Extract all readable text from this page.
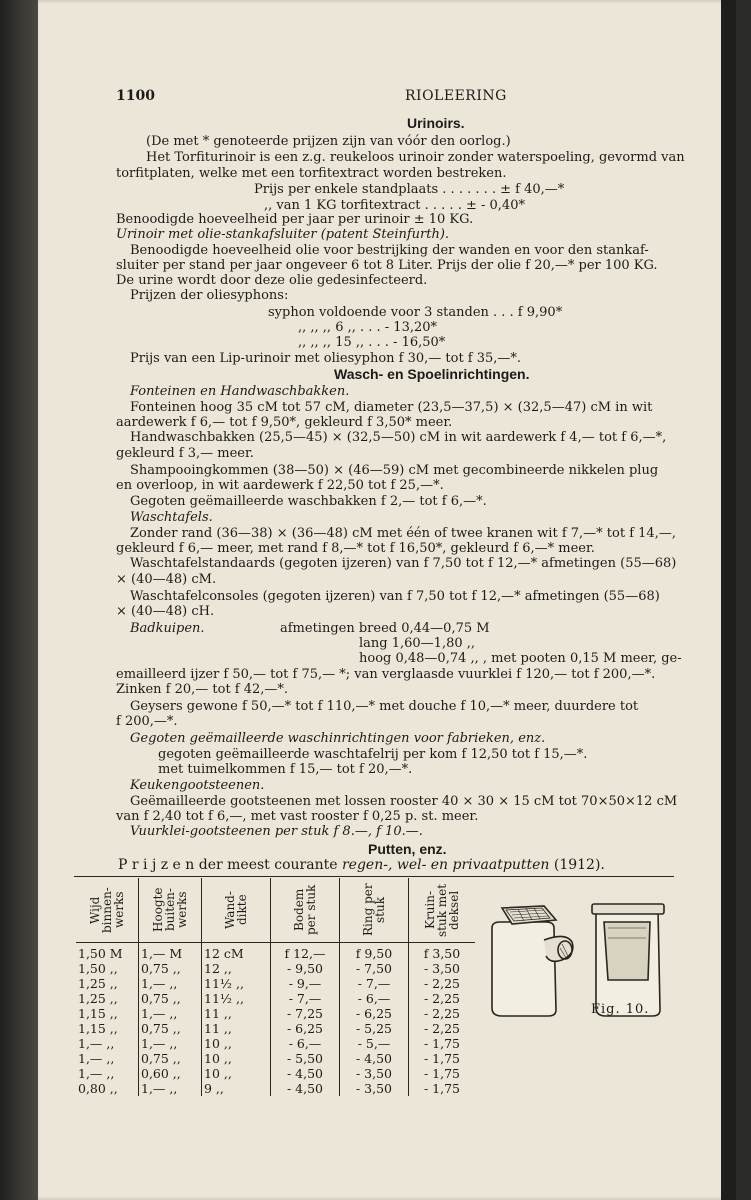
1100	RIOLEERING
Urinoirs.
(De met * genoteerde prijzen zijn van vóór den oorlog.)
Het Torfiturinoir is een z.g. reukeloos urinoir zonder waterspoeling, gevormd van
torfitplaten, welke met een torfitextract worden bestreken.
Prijs per enkele standplaats . . . . . . . ± f 40,—*
,, van 1 KG torfitextract . . . . . ± - 0,40*
Benoodigde hoeveelheid per jaar per urinoir ± 10 KG.
Urinoir met olie-stankafsluiter (patent Steinfurth).
Benoodigde hoeveelheid olie voor bestrijking der wanden en voor den stankaf-
sluiter per stand per jaar ongeveer 6 tot 8 Liter. Prijs der olie f 20,—* per 100 KG.
De urine wordt door deze olie gedesinfecteerd.
Prijzen der oliesyphons:
syphon voldoende voor 3 standen . . . f 9,90*
,, ,, ,, 6 ,, . . . - 13,20*
,, ,, ,, 15 ,, . . . - 16,50*
Prijs van een Lip-urinoir met oliesyphon f 30,— tot f 35,—*.
Wasch- en Spoelinrichtingen.
Fonteinen en Handwaschbakken.
Fonteinen hoog 35 cM tot 57 cM, diameter (23,5—37,5) × (32,5—47) cM in wit
aardewerk f 6,— tot f 9,50*, gekleurd f 3,50* meer.
Handwaschbakken (25,5—45) × (32,5—50) cM in wit aardewerk f 4,— tot f 6,—*,
gekleurd f 3,— meer.
Shampooingkommen (38—50) × (46—59) cM met gecombineerde nikkelen plug
en overloop, in wit aardewerk f 22,50 tot f 25,—*.
Gegoten geëmailleerde waschbakken f 2,— tot f 6,—*.
Waschtafels.
Zonder rand (36—38) × (36—48) cM met één of twee kranen wit f 7,—* tot f 14,—,
gekleurd f 6,— meer, met rand f 8,—* tot f 16,50*, gekleurd f 6,—* meer.
Waschtafelstandaards (gegoten ijzeren) van f 7,50 tot f 12,—* afmetingen (55—68)
× (40—48) cM.
Waschtafelconsoles (gegoten ijzeren) van f 7,50 tot f 12,—* afmetingen (55—68)
× (40—48) cH.
Badkuipen.	afmetingen breed 0,44—0,75 M
lang 1,60—1,80 ,,
hoog 0,48—0,74 ,, , met pooten 0,15 M meer, ge-
emailleerd ijzer f 50,— tot f 75,— *; van verglaasde vuurklei f 120,— tot f 200,—*.
Zinken f 20,— tot f 42,—*.
Geysers gewone f 50,—* tot f 110,—* met douche f 10,—* meer, duurdere tot
f 200,—*.
Gegoten geëmailleerde waschinrichtingen voor fabrieken, enz.
gegoten geëmailleerde waschtafelrij per kom f 12,50 tot f 15,—*.
met tuimelkommen f 15,— tot f 20,—*.
Keukengootsteenen.
Geëmailleerde gootsteenen met lossen rooster 40 × 30 × 15 cM tot 70×50×12 cM
van f 2,40 tot f 6,—, met vast rooster f 0,25 p. st. meer.
Vuurklei-gootsteenen per stuk f 8.—, f 10.—.
Putten, enz.
P r i j z e n der meest courante regen-, wel- en privaatputten (1912).
Wijd binnen- werks	Hoogte buiten- werks	Wand- dikte	Bodem per stuk	Ring per stuk	Kruin- stuk met deksel

1,50 M	1,— M	12 cM	f 12,—	f 9,50	f 3,50
1,50 ,,	0,75 ,,	12 ,,	- 9,50	- 7,50	- 3,50
1,25 ,,	1,— ,,	11½ ,,	- 9,—	- 7,—	- 2,25
1,25 ,,	0,75 ,,	11½ ,,	- 7,—	- 6,—	- 2,25
1,15 ,,	1,— ,,	11 ,,	- 7,25	- 6,25	- 2,25
1,15 ,,	0,75 ,,	11 ,,	- 6,25	- 5,25	- 2,25
1,— ,,	1,— ,,	10 ,,	- 6,—	- 5,—	- 1,75
1,— ,,	0,75 ,,	10 ,,	- 5,50	- 4,50	- 1,75
1,— ,,	0,60 ,,	10 ,,	- 4,50	- 3,50	- 1,75
0,80 ,,	1,— ,,	9 ,,	- 4,50	- 3,50	- 1,75
Fig. 10.
